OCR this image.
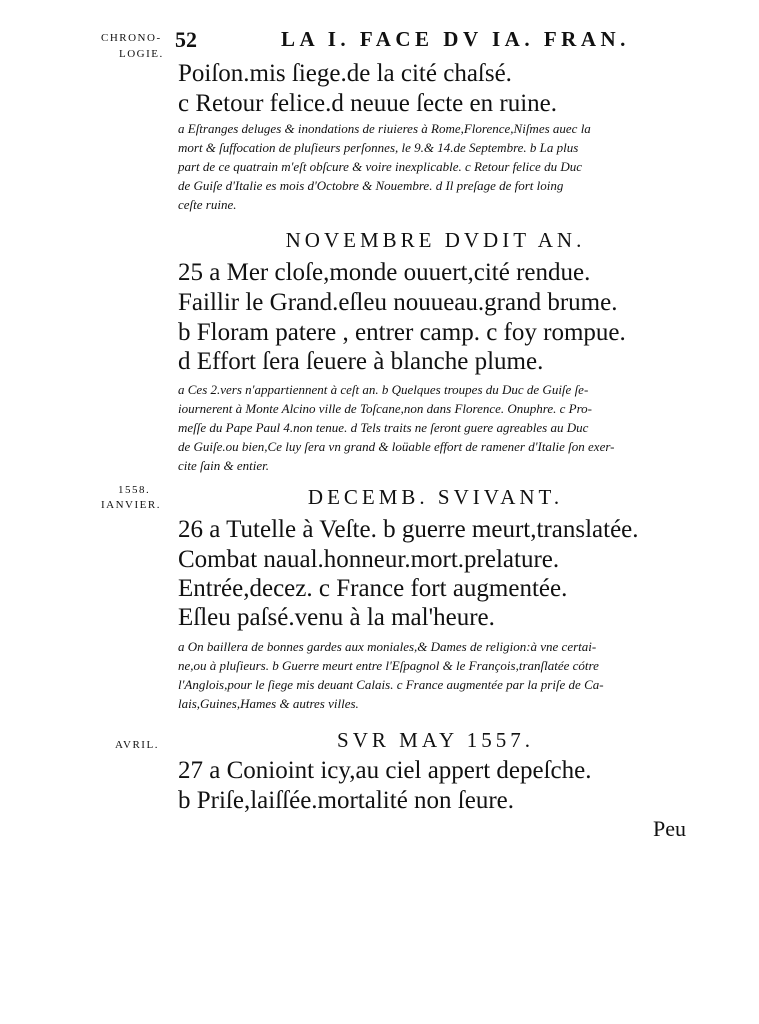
CHRONO-
LOGIE.
1558.
IANVIER.
AVRIL.
52	LA I. FACE DV IA. FRAN.
Poiſon.mis ſiege.de la cité chaſsé.
c Retour felice.d neuue ſecte en ruine.
a Eſtranges deluges & inondations de riuieres à Rome,Florence,Niſmes auec la
mort & ſuffocation de pluſieurs perſonnes, le 9.& 14.de Septembre. b La plus
part de ce quatrain m'eſt obſcure & voire inexplicable. c Retour felice du Duc
de Guiſe d'Italie es mois d'Octobre & Nouembre. d Il preſage de fort loing
ceſte ruine.
NOVEMBRE DVDIT AN.
25 a Mer cloſe,monde ouuert,cité rendue.
Faillir le Grand.eſleu nouueau.grand brume.
b Floram patere , entrer camp. c foy rompue.
d Effort ſera ſeuere à blanche plume.
a Ces 2.vers n'appartiennent à ceſt an. b Quelques troupes du Duc de Guiſe ſe-
iournerent à Monte Alcino ville de Toſcane,non dans Florence. Onuphre. c Pro-
meſſe du Pape Paul 4.non tenue. d Tels traits ne ſeront guere agreables au Duc
de Guiſe.ou bien,Ce luy ſera vn grand & loüable effort de ramener d'Italie ſon exer-
cite ſain & entier.
DECEMB. SVIVANT.
26 a Tutelle à Veſte. b guerre meurt,translatée.
Combat naual.honneur.mort.prelature.
Entrée,decez. c France fort augmentée.
Eſleu paſsé.venu à la mal'heure.
a On baillera de bonnes gardes aux moniales,& Dames de religion:à vne certai-
ne,ou à pluſieurs. b Guerre meurt entre l'Eſpagnol & le François,tranſlatée cótre
l'Anglois,pour le ſiege mis deuant Calais. c France augmentée par la priſe de Ca-
lais,Guines,Hames & autres villes.
SVR MAY 1557.
27 a Conioint icy,au ciel appert depeſche.
b Priſe,laiſſée.mortalité non ſeure.
Peu
